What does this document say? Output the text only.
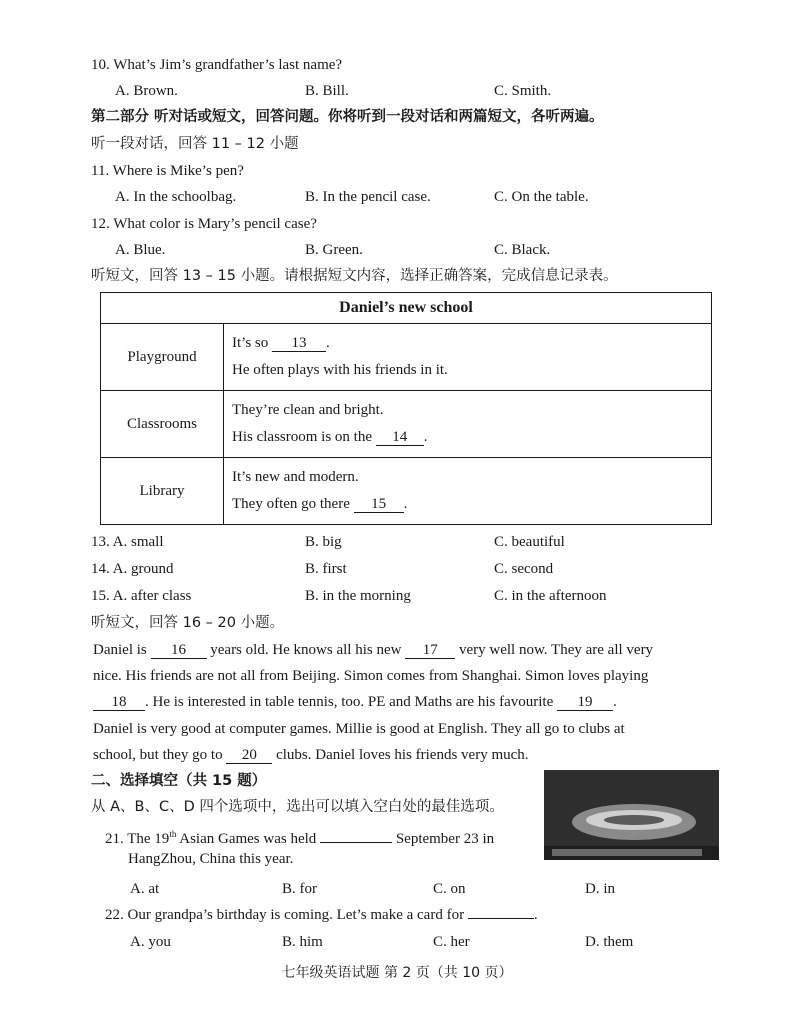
10. What’s Jim’s grandfather’s last name?
A. Brown.	B. Bill.	C. Smith.
第二部分 听对话或短文，回答问题。你将听到一段对话和两篇短文，各听两遍。
听一段对话，回答 11 – 12 小题
11. Where is Mike’s pen?
A. In the schoolbag.	B. In the pencil case.	C. On the table.
12. What color is Mary’s pencil case?
A. Blue.	B. Green.	C. Black.
听短文，回答 13 – 15 小题。请根据短文内容，选择正确答案，完成信息记录表。
Daniel’s new school	
Playground	It’s so 13 .
He often plays with his friends in it.

Classrooms	They’re clean and bright.
His classroom is on the 14 .

Library	It’s new and modern.
They often go there 15 .
13. A. small	B. big	C. beautiful
14. A. ground	B. first	C. second
15. A. after class	B. in the morning	C. in the afternoon
听短文，回答 16 – 20 小题。
Daniel is 16 years old. He knows all his new 17 very well now. They are all very
nice. His friends are not all from Beijing. Simon comes from Shanghai. Simon loves playing
18 . He is interested in table tennis, too. PE and Maths are his favourite 19 .
Daniel is very good at computer games. Millie is good at English. They all go to clubs at
school, but they go to 20 clubs. Daniel loves his friends very much.
二、选择填空（共 15 题）
从 A、B、C、D 四个选项中，选出可以填入空白处的最佳选项。
21. The 19th Asian Games was held	September 23 in
HangZhou, China this year.
A. at	B. for	C. on	D. in
22. Our grandpa’s birthday is coming. Let’s make a card for	.
A. you	B. him	C. her	D. them
七年级英语试题 第 2 页（共 10 页）
